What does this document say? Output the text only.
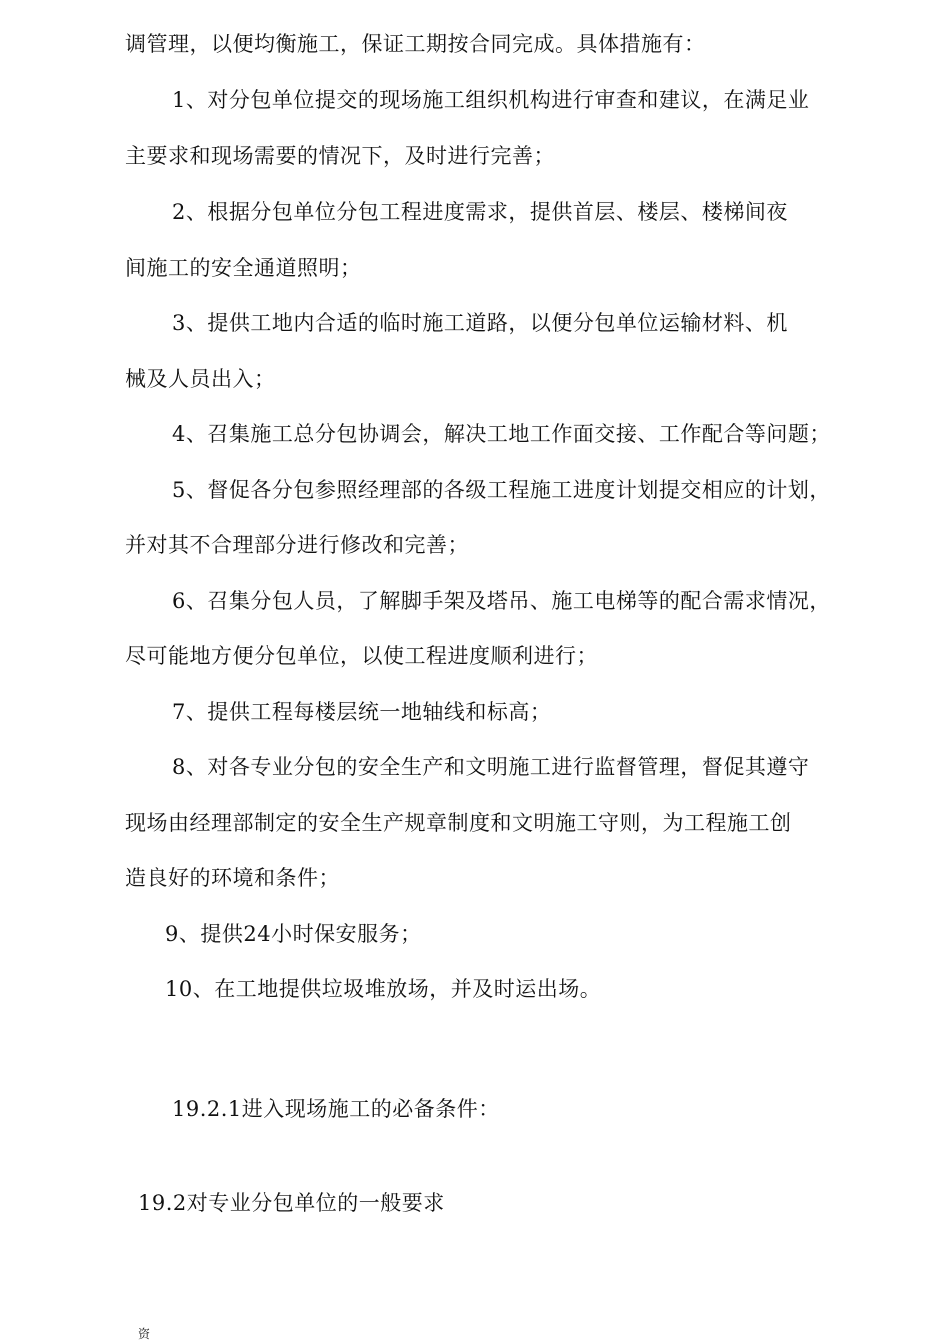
调管理，以便均衡施工，保证工期按合同完成。具体措施有：

1、对分包单位提交的现场施工组织机构进行审查和建议，在满足业

主要求和现场需要的情况下，及时进行完善；

2、根据分包单位分包工程进度需求，提供首层、楼层、楼梯间夜

间施工的安全通道照明；

3、提供工地内合适的临时施工道路，以便分包单位运输材料、机

械及人员出入；

4、召集施工总分包协调会，解决工地工作面交接、工作配合等问题；

5、督促各分包参照经理部的各级工程施工进度计划提交相应的计划，

并对其不合理部分进行修改和完善；

6、召集分包人员，了解脚手架及塔吊、施工电梯等的配合需求情况，

尽可能地方便分包单位，以使工程进度顺利进行；

7、提供工程每楼层统一地轴线和标高；

8、对各专业分包的安全生产和文明施工进行监督管理，督促其遵守

现场由经理部制定的安全生产规章制度和文明施工守则，为工程施工创

造良好的环境和条件；

9、提供24小时保安服务；

10、在工地提供垃圾堆放场，并及时运出场。

19.2.1进入现场施工的必备条件：

19.2对专业分包单位的一般要求

资
